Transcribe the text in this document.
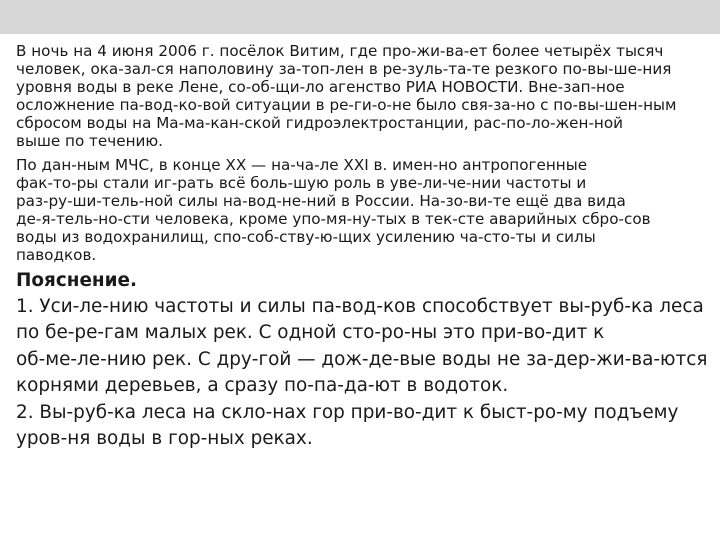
В ночь на 4 июня 2006 г. посёлок Витим, где про-жи-ва-ет более четырёх тысяч
человек, ока-зал-ся наполовину за-топ-лен в ре-зуль-та-те резкого по-вы-ше-ния
уровня воды в реке Лене, со-об-щи-ло агенство РИА НОВОСТИ. Вне-зап-ное
осложнение па-вод-ко-вой ситуации в ре-ги-о-не было свя-за-но с по-вы-шен-ным
сбросом воды на Ма-ма-кан-ской гидроэлектростанции, рас-по-ло-жен-ной
выше по течению.

По дан-ным МЧС, в конце XX — на-ча-ле XXI в. имен-но антропогенные
фак-то-ры стали иг-рать всё боль-шую роль в уве-ли-че-нии частоты и
раз-ру-ши-тель-ной силы на-вод-не-ний в России. На-зо-ви-те ещё два вида
де-я-тель-но-сти человека, кроме упо-мя-ну-тых в тек-сте аварийных сбро-сов
воды из водохранилищ, спо-соб-ству-ю-щих усилению ча-сто-ты и силы
паводков.

Пояснение.

1. Уси-ле-нию частоты и силы па-вод-ков способствует вы-руб-ка леса
по бе-ре-гам малых рек. С одной сто-ро-ны это при-во-дит к
об-ме-ле-нию рек. С дру-гой — дож-де-вые воды не за-дер-жи-ва-ются
корнями деревьев, а сразу по-па-да-ют в водоток.
2. Вы-руб-ка леса на скло-нах гор при-во-дит к быст-ро-му подъему
уров-ня воды в гор-ных реках.
